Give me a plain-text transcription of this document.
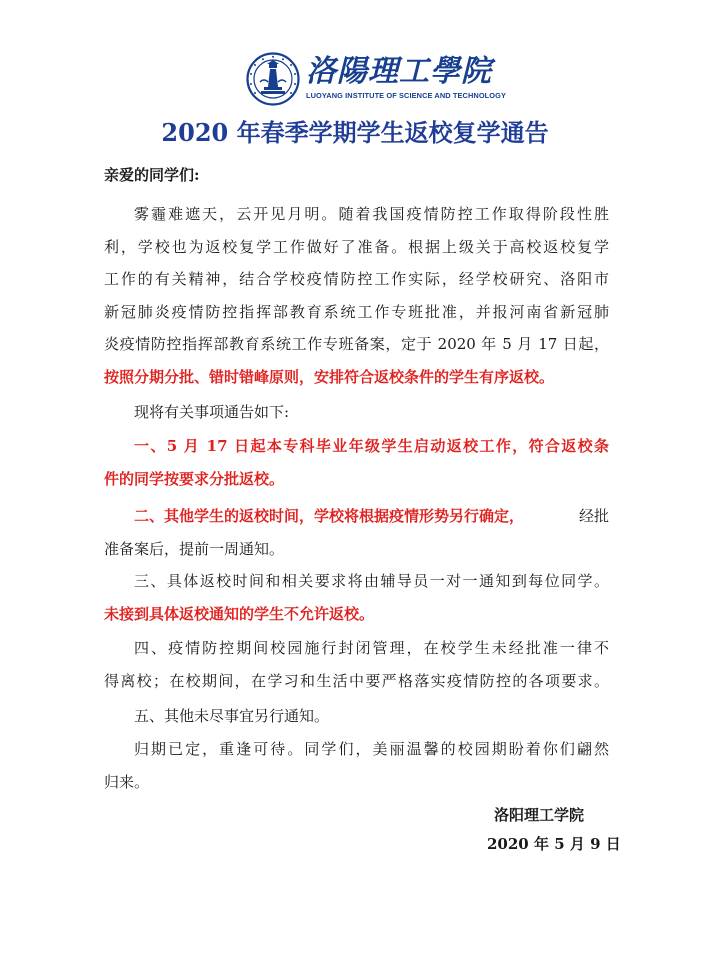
洛陽理工學院
LUOYANG INSTITUTE OF SCIENCE AND TECHNOLOGY
2020 年春季学期学生返校复学通告
亲爱的同学们:
雾霾难遮天，云开见月明。随着我国疫情防控工作取得阶段性胜
利，学校也为返校复学工作做好了准备。根据上级关于高校返校复学
工作的有关精神，结合学校疫情防控工作实际，经学校研究、洛阳市
新冠肺炎疫情防控指挥部教育系统工作专班批准，并报河南省新冠肺
炎疫情防控指挥部教育系统工作专班备案，定于 2020 年 5 月 17 日起，
按照分期分批、错时错峰原则，安排符合返校条件的学生有序返校。
现将有关事项通告如下:
一、5 月 17 日起本专科毕业年级学生启动返校工作，符合返校条
件的同学按要求分批返校。
二、其他学生的返校时间，学校将根据疫情形势另行确定，	经批
准备案后，提前一周通知。
三、具体返校时间和相关要求将由辅导员一对一通知到每位同学。
未接到具体返校通知的学生不允许返校。
四、疫情防控期间校园施行封闭管理，在校学生未经批准一律不
得离校；在校期间，在学习和生活中要严格落实疫情防控的各项要求。
五、其他未尽事宜另行通知。
归期已定，重逢可待。同学们，美丽温馨的校园期盼着你们翩然
归来。
洛阳理工学院
2020 年 5 月 9 日
